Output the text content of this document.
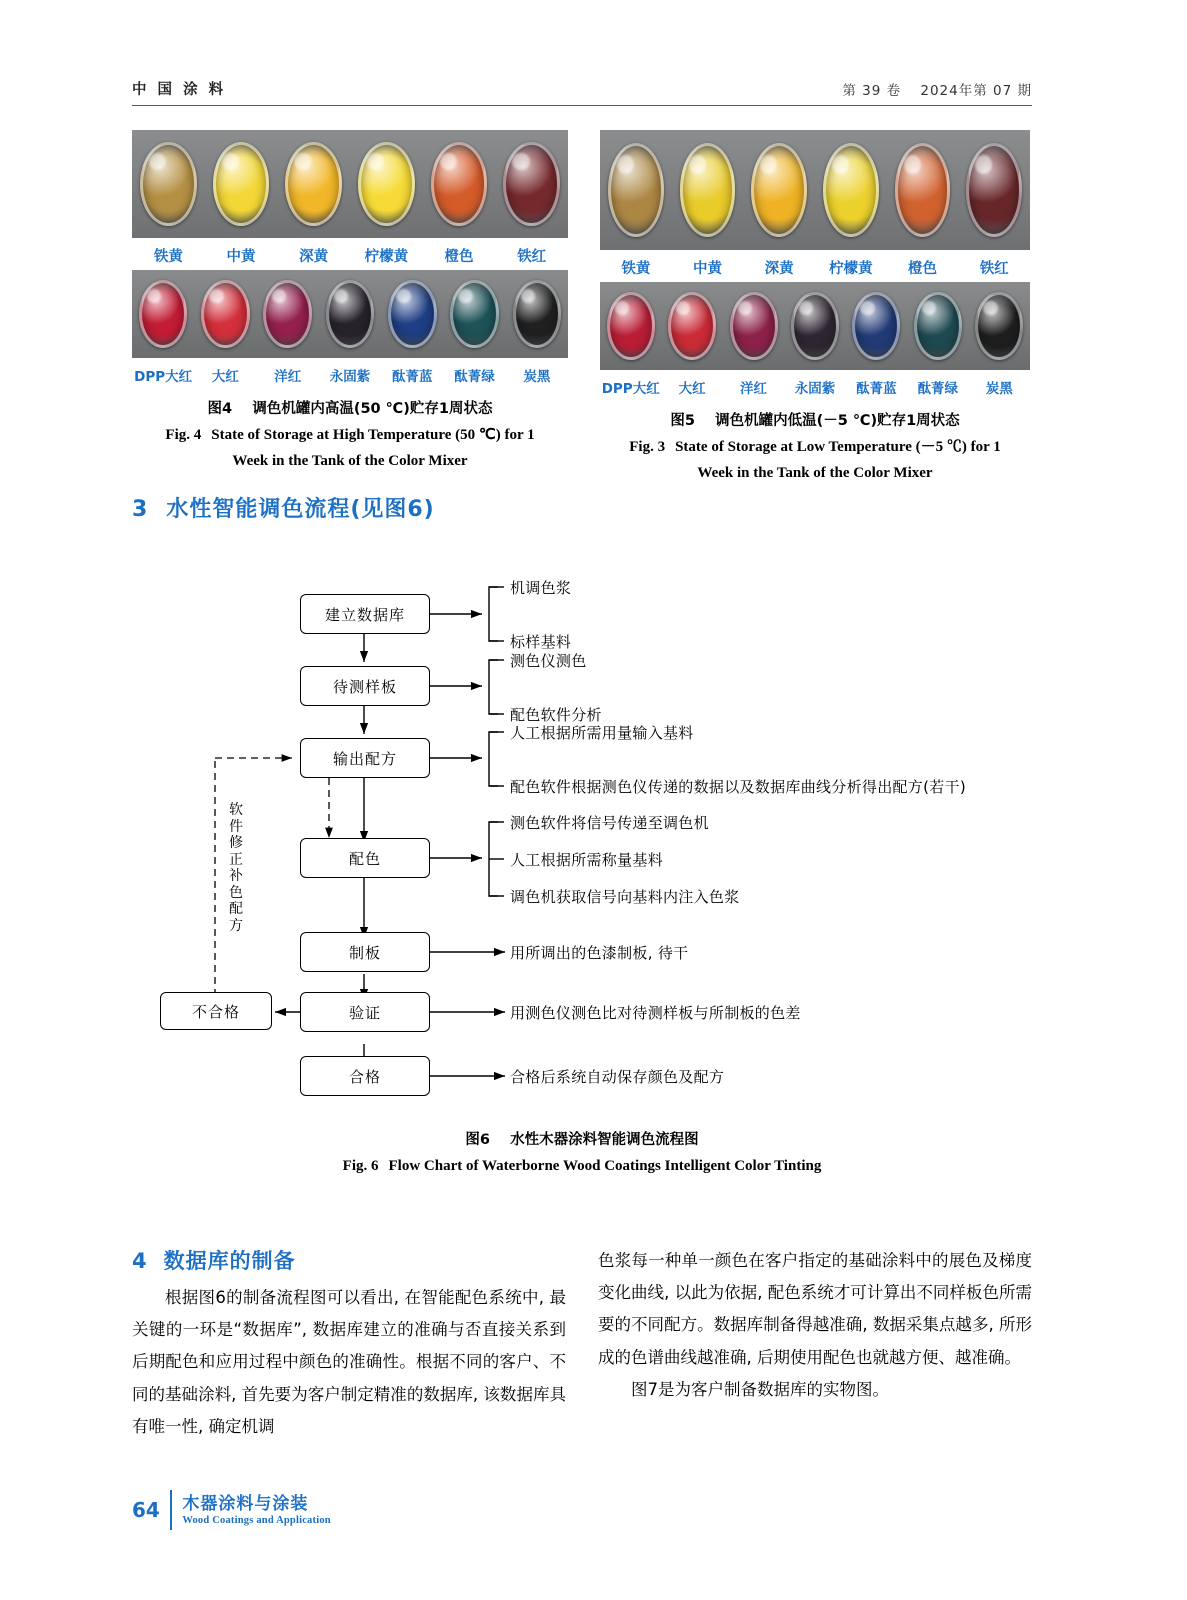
中 国 涂 料	第 39 卷 2024年第 07 期
铁黄	中黄	深黄	柠檬黄	橙色	铁红
DPP大红	大红	洋红	永固紫	酞菁蓝	酞菁绿	炭黑
图4 调色机罐内高温(50 ℃)贮存1周状态
Fig. 4 State of Storage at High Temperature (50 ℃) for 1
Week in the Tank of the Color Mixer
铁黄	中黄	深黄	柠檬黄	橙色	铁红
DPP大红	大红	洋红	永固紫	酞菁蓝	酞菁绿	炭黑
图5 调色机罐内低温(－5 ℃)贮存1周状态
Fig. 3 State of Storage at Low Temperature (－5 ℃) for 1
Week in the Tank of the Color Mixer
3 水性智能调色流程(见图6)
建立数据库
待测样板
输出配方
配色
制板
验证
合格
不合格
软件修正补色配方
机调色浆
标样基料
测色仪测色
配色软件分析
人工根据所需用量输入基料
配色软件根据测色仪传递的数据以及数据库曲线分析得出配方(若干)
测色软件将信号传递至调色机
人工根据所需称量基料
调色机获取信号向基料内注入色浆
用所调出的色漆制板, 待干
用测色仪测色比对待测样板与所制板的色差
合格后系统自动保存颜色及配方
图6 水性木器涂料智能调色流程图
Fig. 6 Flow Chart of Waterborne Wood Coatings Intelligent Color Tinting
4 数据库的制备

根据图6的制备流程图可以看出, 在智能配色系统中, 最关键的一环是“数据库”, 数据库建立的准确与否直接关系到后期配色和应用过程中颜色的准确性。根据不同的客户、不同的基础涂料, 首先要为客户制定精准的数据库, 该数据库具有唯一性, 确定机调

色浆每一种单一颜色在客户指定的基础涂料中的展色及梯度变化曲线, 以此为依据, 配色系统才可计算出不同样板色所需要的不同配方。数据库制备得越准确, 数据采集点越多, 所形成的色谱曲线越准确, 后期使用配色也就越方便、越准确。

图7是为客户制备数据库的实物图。

64 木器涂料与涂装
Wood Coatings and Application
